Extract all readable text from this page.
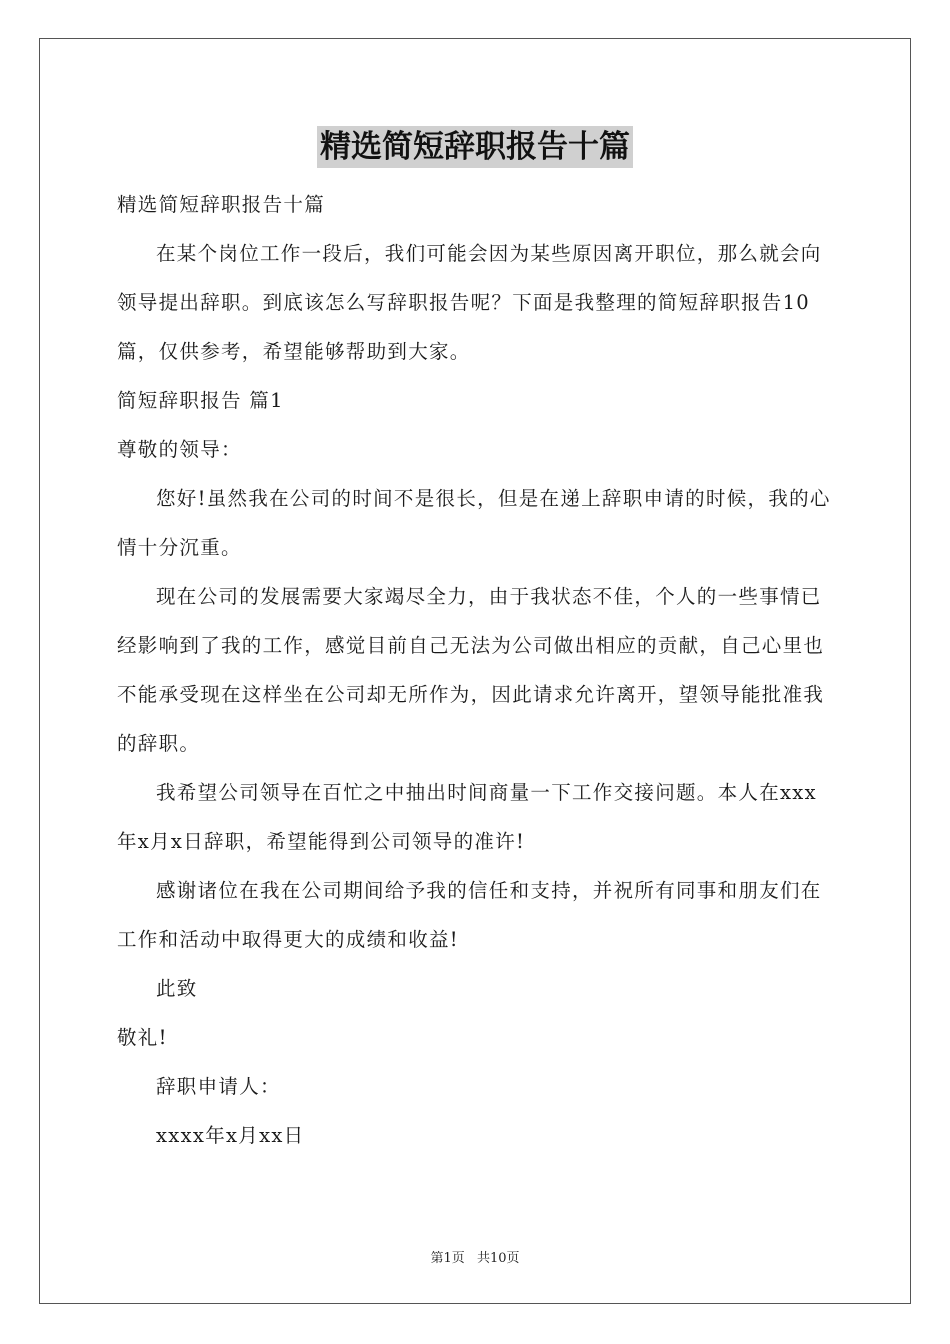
精选简短辞职报告十篇

精选简短辞职报告十篇

在某个岗位工作一段后，我们可能会因为某些原因离开职位，那么就会向领导提出辞职。到底该怎么写辞职报告呢？下面是我整理的简短辞职报告10篇，仅供参考，希望能够帮助到大家。

简短辞职报告 篇1

尊敬的领导：

您好!虽然我在公司的时间不是很长，但是在递上辞职申请的时候，我的心情十分沉重。

现在公司的发展需要大家竭尽全力，由于我状态不佳，个人的一些事情已经影响到了我的工作，感觉目前自己无法为公司做出相应的贡献，自己心里也不能承受现在这样坐在公司却无所作为，因此请求允许离开，望领导能批准我的辞职。

我希望公司领导在百忙之中抽出时间商量一下工作交接问题。本人在xxx年x月x日辞职，希望能得到公司领导的准许!

感谢诸位在我在公司期间给予我的信任和支持，并祝所有同事和朋友们在工作和活动中取得更大的成绩和收益!

此致

敬礼!

辞职申请人：

xxxx年x月xx日

第1页 共10页
